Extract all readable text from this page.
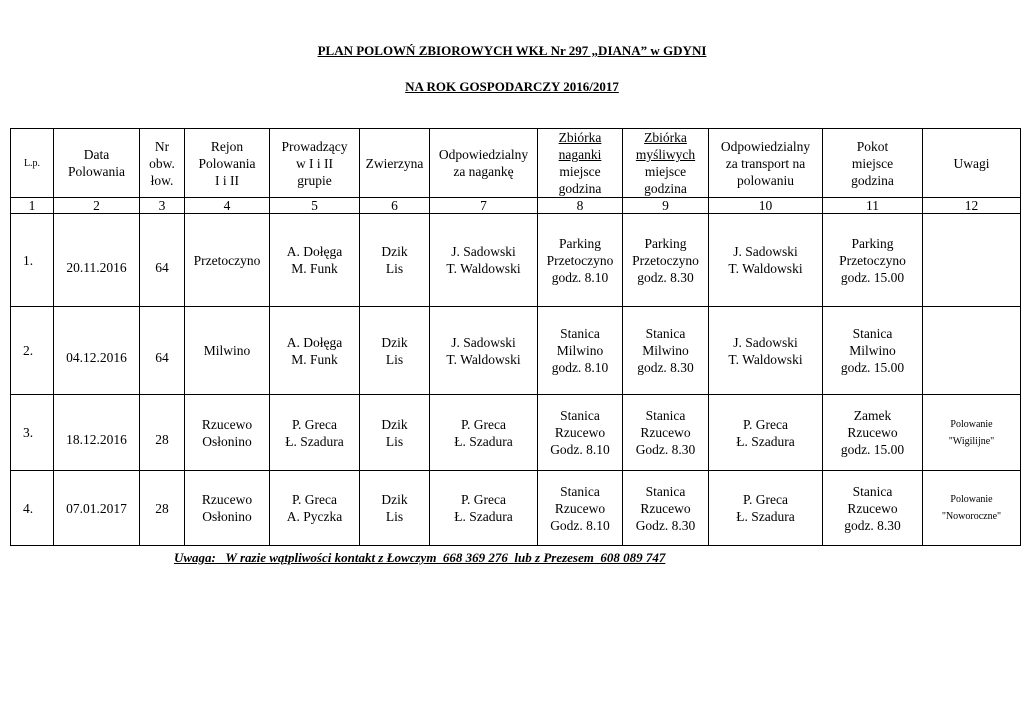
PLAN POLOWŃ ZBIOROWYCH WKŁ Nr 297 „DIANA” w GDYNI
NA ROK GOSPODARCZY 2016/2017
L.p.	Data
Polowania	Nr
obw.
łow.	Rejon
Polowania
I i II	Prowadzący
w I i II
grupie	Zwierzyna	Odpowiedzialny
za nagankę	Zbiórka
naganki
miejsce
godzina	Zbiórka
myśliwych
miejsce
godzina	Odpowiedzialny
za transport na
polowaniu	Pokot
miejsce
godzina	Uwagi
1	2	3	4	5	6	7	8	9	10	11	12
1.	20.11.2016	64	Przetoczyno	A. Dołęga
M. Funk	Dzik
Lis	J. Sadowski
T. Waldowski	Parking
Przetoczyno
godz. 8.10	Parking
Przetoczyno
godz. 8.30	J. Sadowski
T. Waldowski	Parking
Przetoczyno
godz. 15.00	

2.	04.12.2016	64	Milwino	A. Dołęga
M. Funk	Dzik
Lis	J. Sadowski
T. Waldowski	Stanica
Milwino
godz. 8.10	Stanica
Milwino
godz. 8.30	J. Sadowski
T. Waldowski	Stanica
Milwino
godz. 15.00	

3.	18.12.2016	28	Rzucewo
Osłonino	P. Greca
Ł. Szadura	Dzik
Lis	P. Greca
Ł. Szadura	Stanica
Rzucewo
Godz. 8.10	Stanica
Rzucewo
Godz. 8.30	P. Greca
Ł. Szadura	Zamek
Rzucewo
godz. 15.00	Polowanie
"Wigilijne"
4.	07.01.2017	28	Rzucewo
Osłonino	P. Greca
A. Pyczka	Dzik
Lis	P. Greca
Ł. Szadura	Stanica
Rzucewo
Godz. 8.10	Stanica
Rzucewo
Godz. 8.30	P. Greca
Ł. Szadura	Stanica
Rzucewo
godz. 8.30	Polowanie
"Noworoczne"
Uwaga:   W razie wątpliwości kontakt z Łowczym  668 369 276  lub z Prezesem  608 089 747
